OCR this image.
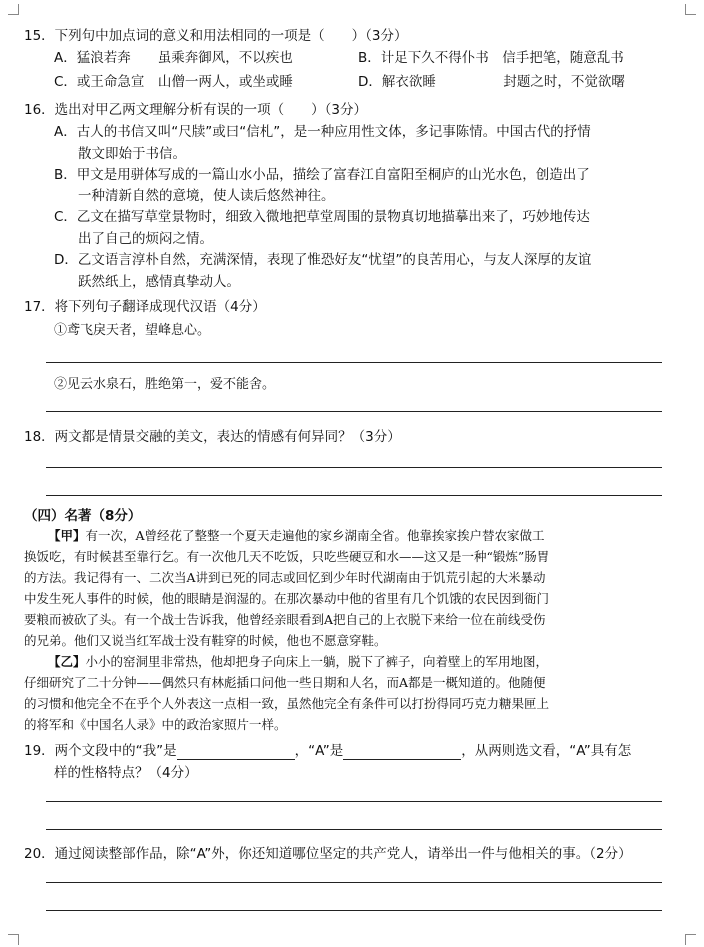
15．下列句中加点词的意义和用法相同的一项是（　　）（3分）
A．猛浪若奔　　虽乘奔御风，不以疾也	B．计足下久不得仆书　信手把笔，随意乱书
C．或王命急宣　山僧一两人，或坐或睡	D．解衣欲睡　　　　　封题之时，不觉欲曙
16．选出对甲乙两文理解分析有误的一项（　　）（3分）
A．古人的书信又叫“尺牍”或曰“信札”，是一种应用性文体，多记事陈情。中国古代的抒情
散文即始于书信。
B．甲文是用骈体写成的一篇山水小品，描绘了富春江自富阳至桐庐的山光水色，创造出了
一种清新自然的意境，使人读后悠然神往。
C．乙文在描写草堂景物时，细致入微地把草堂周围的景物真切地描摹出来了，巧妙地传达
出了自己的烦闷之情。
D．乙文语言淳朴自然，充满深情，表现了惟恐好友“忧望”的良苦用心，与友人深厚的友谊
跃然纸上，感情真挚动人。
17．将下列句子翻译成现代汉语（4分）
①鸢飞戾天者，望峰息心。
②见云水泉石，胜绝第一，爱不能舍。
18．两文都是情景交融的美文，表达的情感有何异同？（3分）
（四）名著（8分）
【甲】有一次，A曾经花了整整一个夏天走遍他的家乡湖南全省。他靠挨家挨户替农家做工
换饭吃，有时候甚至靠行乞。有一次他几天不吃饭，只吃些硬豆和水——这又是一种“锻炼”肠胃
的方法。我记得有一、二次当A讲到已死的同志或回忆到少年时代湖南由于饥荒引起的大米暴动
中发生死人事件的时候，他的眼睛是润湿的。在那次暴动中他的省里有几个饥饿的农民因到衙门
要粮而被砍了头。有一个战士告诉我，他曾经亲眼看到A把自己的上衣脱下来给一位在前线受伤
的兄弟。他们又说当红军战士没有鞋穿的时候，他也不愿意穿鞋。
【乙】小小的窑洞里非常热，他却把身子向床上一躺，脱下了裤子，向着壁上的军用地图，
仔细研究了二十分钟——偶然只有林彪插口问他一些日期和人名，而A都是一概知道的。他随便
的习惯和他完全不在乎个人外表这一点相一致，虽然他完全有条件可以打扮得同巧克力糖果匣上
的将军和《中国名人录》中的政治家照片一样。
19．两个文段中的“我”是	，“A”是	，从两则选文看，“A”具有怎
样的性格特点？（4分）
20．通过阅读整部作品，除“A”外，你还知道哪位坚定的共产党人，请举出一件与他相关的事。（2分）
